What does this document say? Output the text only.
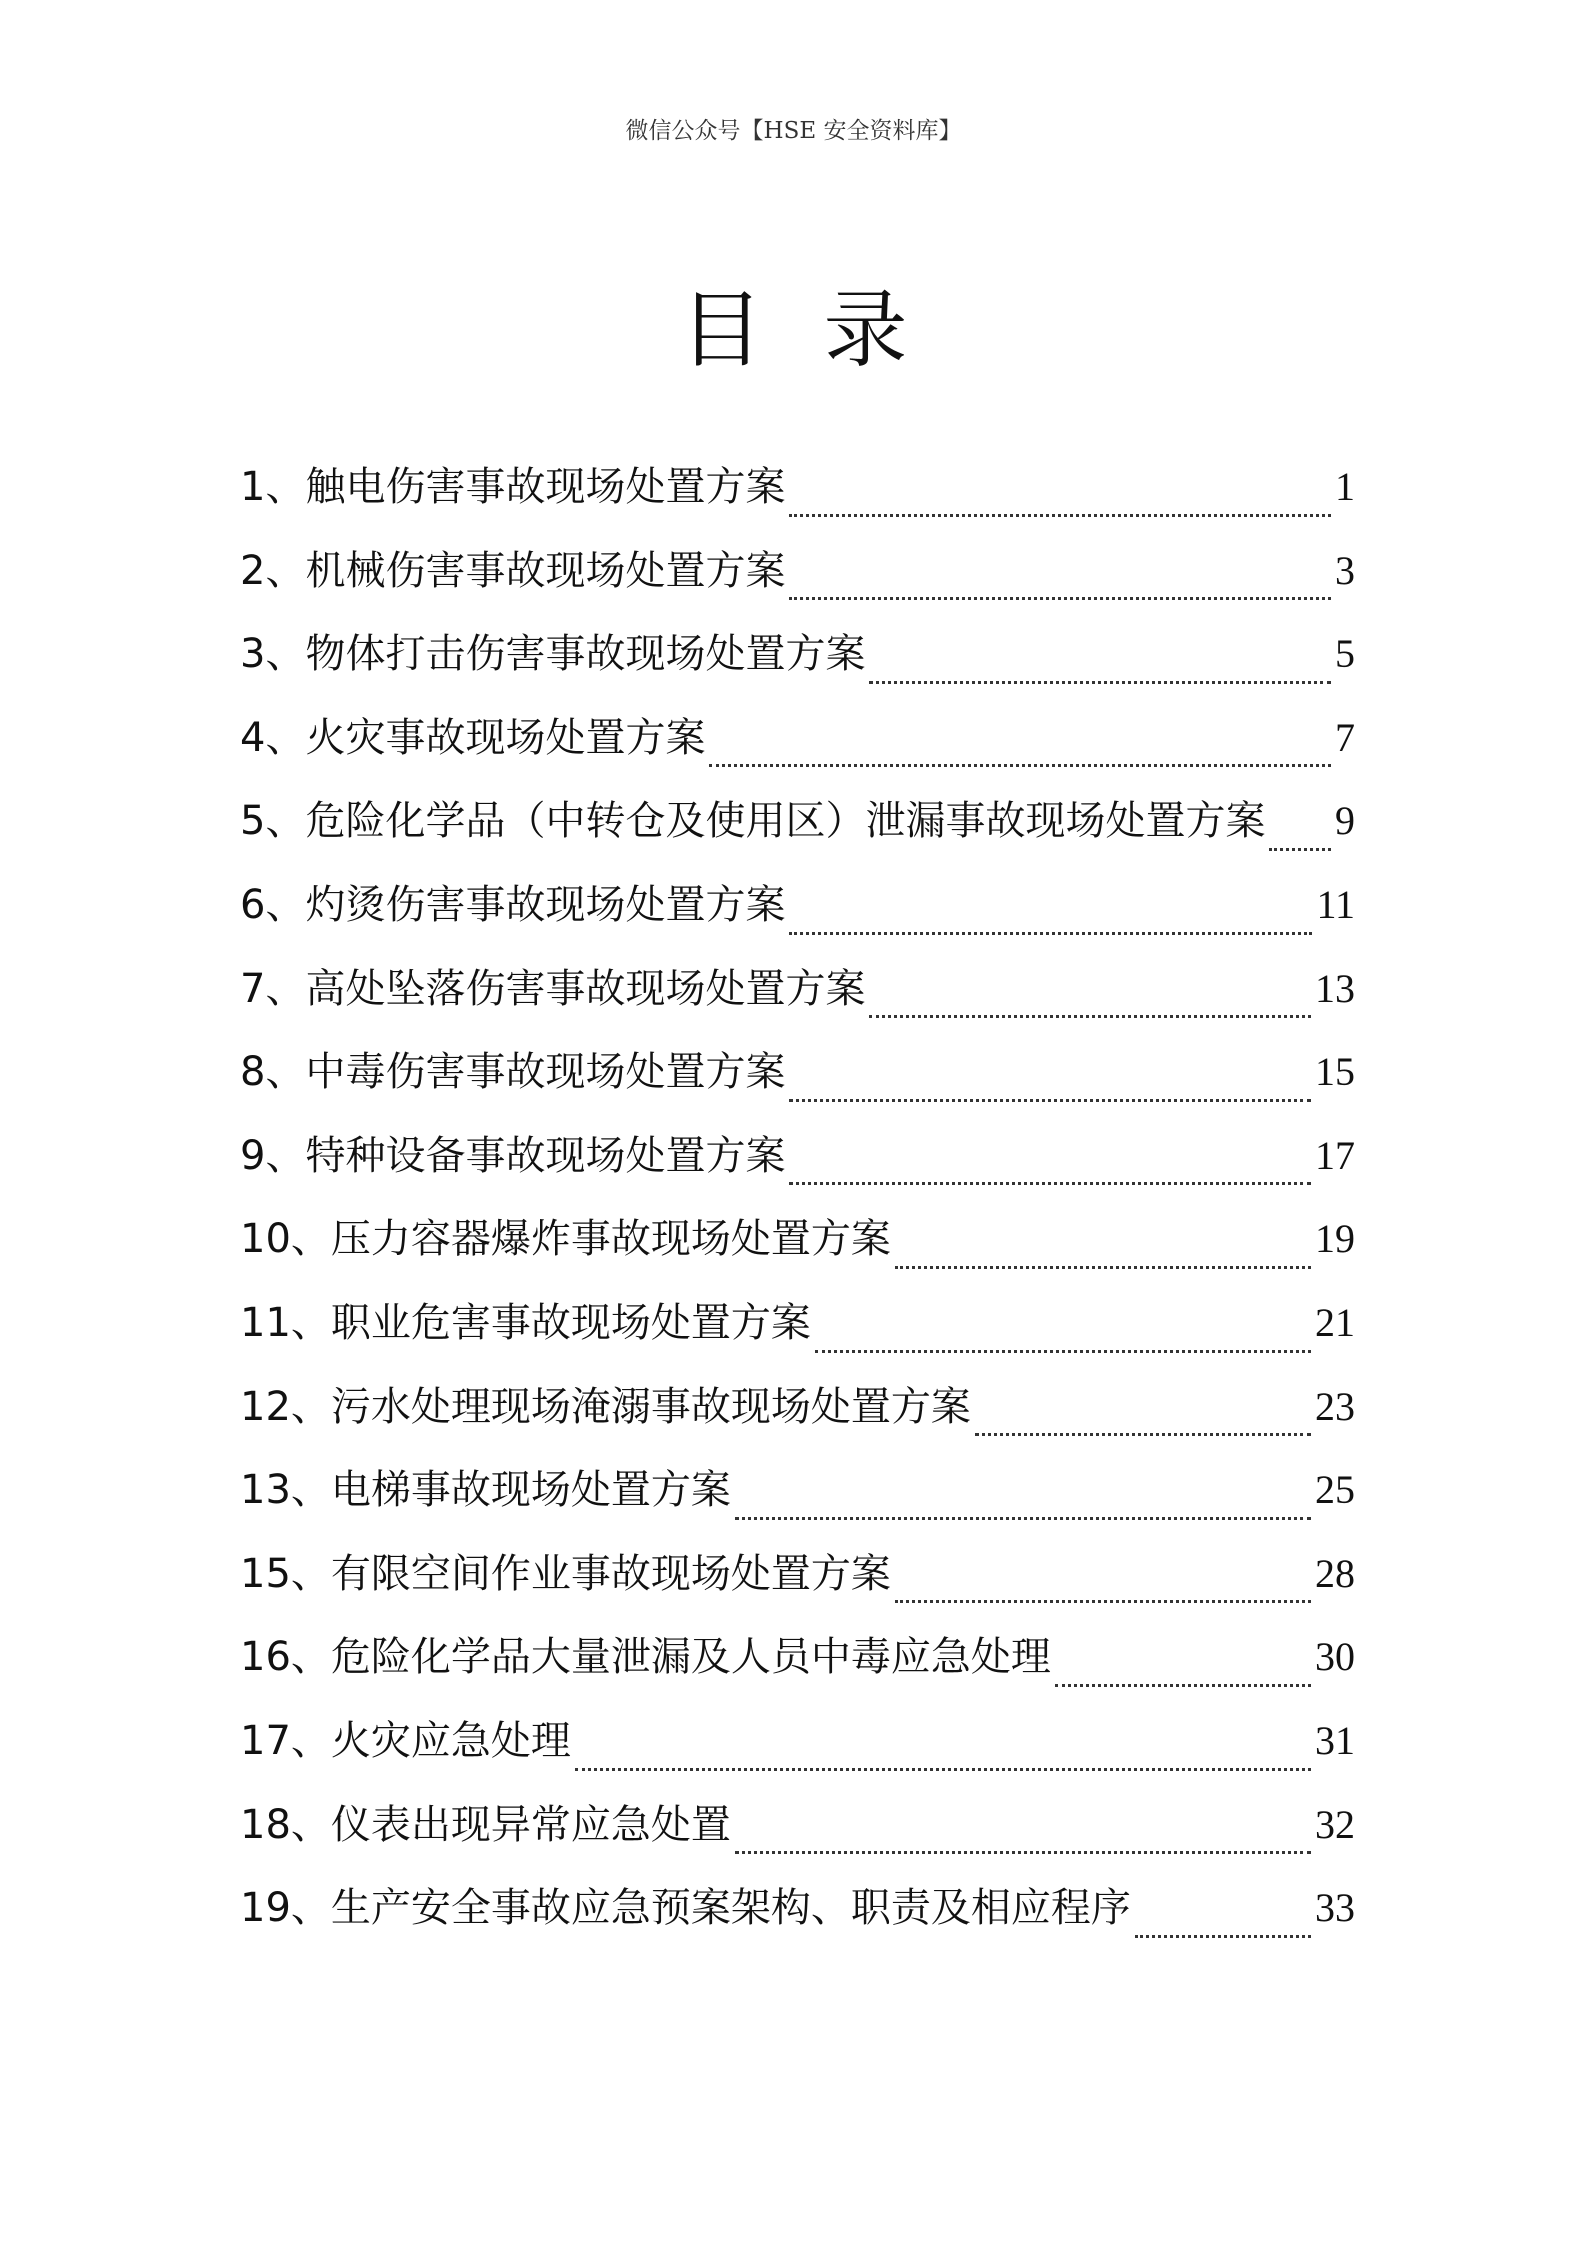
微信公众号【HSE 安全资料库】
目录
1、触电伤害事故现场处置方案	1
2、机械伤害事故现场处置方案	3
3、物体打击伤害事故现场处置方案	5
4、火灾事故现场处置方案	7
5、危险化学品（中转仓及使用区）泄漏事故现场处置方案 9
6、灼烫伤害事故现场处置方案	11
7、高处坠落伤害事故现场处置方案	13
8、中毒伤害事故现场处置方案	15
9、特种设备事故现场处置方案	17
10、压力容器爆炸事故现场处置方案	19
11、职业危害事故现场处置方案	21
12、污水处理现场淹溺事故现场处置方案	23
13、电梯事故现场处置方案	25
15、有限空间作业事故现场处置方案	28
16、危险化学品大量泄漏及人员中毒应急处理	30
17、火灾应急处理	31
18、仪表出现异常应急处置	32
19、生产安全事故应急预案架构、职责及相应程序	33
